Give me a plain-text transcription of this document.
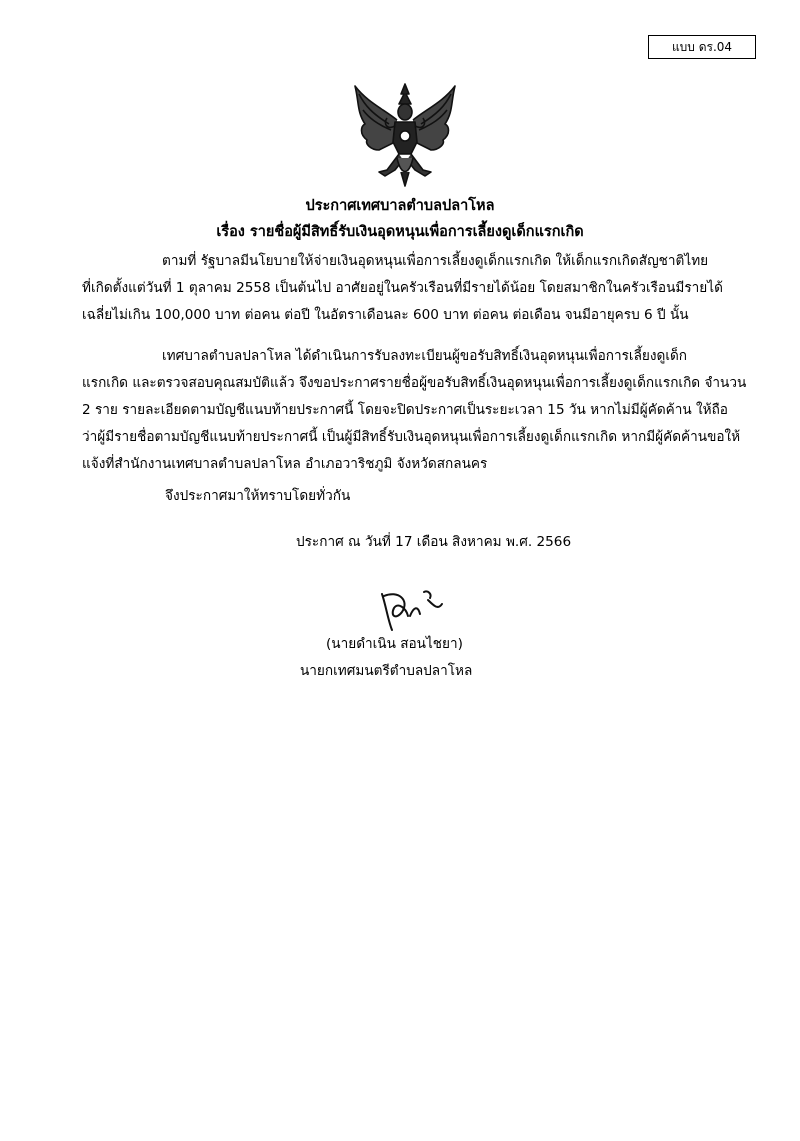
แบบ ดร.04
ประกาศเทศบาลตำบลปลาโหล
เรื่อง รายชื่อผู้มีสิทธิ์รับเงินอุดหนุนเพื่อการเลี้ยงดูเด็กแรกเกิด
ตามที่ รัฐบาลมีนโยบายให้จ่ายเงินอุดหนุนเพื่อการเลี้ยงดูเด็กแรกเกิด ให้เด็กแรกเกิดสัญชาติไทย
ที่เกิดตั้งแต่วันที่ 1 ตุลาคม 2558 เป็นต้นไป อาศัยอยู่ในครัวเรือนที่มีรายได้น้อย โดยสมาชิกในครัวเรือนมีรายได้
เฉลี่ยไม่เกิน 100,000 บาท ต่อคน ต่อปี ในอัตราเดือนละ 600 บาท ต่อคน ต่อเดือน จนมีอายุครบ 6 ปี นั้น
เทศบาลตำบลปลาโหล ได้ดำเนินการรับลงทะเบียนผู้ขอรับสิทธิ์เงินอุดหนุนเพื่อการเลี้ยงดูเด็ก
แรกเกิด และตรวจสอบคุณสมบัติแล้ว จึงขอประกาศรายชื่อผู้ขอรับสิทธิ์เงินอุดหนุนเพื่อการเลี้ยงดูเด็กแรกเกิด จำนวน
2 ราย รายละเอียดตามบัญชีแนบท้ายประกาศนี้ โดยจะปิดประกาศเป็นระยะเวลา 15 วัน หากไม่มีผู้คัดค้าน ให้ถือ
ว่าผู้มีรายชื่อตามบัญชีแนบท้ายประกาศนี้ เป็นผู้มีสิทธิ์รับเงินอุดหนุนเพื่อการเลี้ยงดูเด็กแรกเกิด หากมีผู้คัดค้านขอให้
แจ้งที่สำนักงานเทศบาลตำบลปลาโหล อำเภอวาริชภูมิ จังหวัดสกลนคร
จึงประกาศมาให้ทราบโดยทั่วกัน
ประกาศ ณ วันที่ 17 เดือน สิงหาคม พ.ศ. 2566
(นายดำเนิน สอนไชยา)
นายกเทศมนตรีตำบลปลาโหล
